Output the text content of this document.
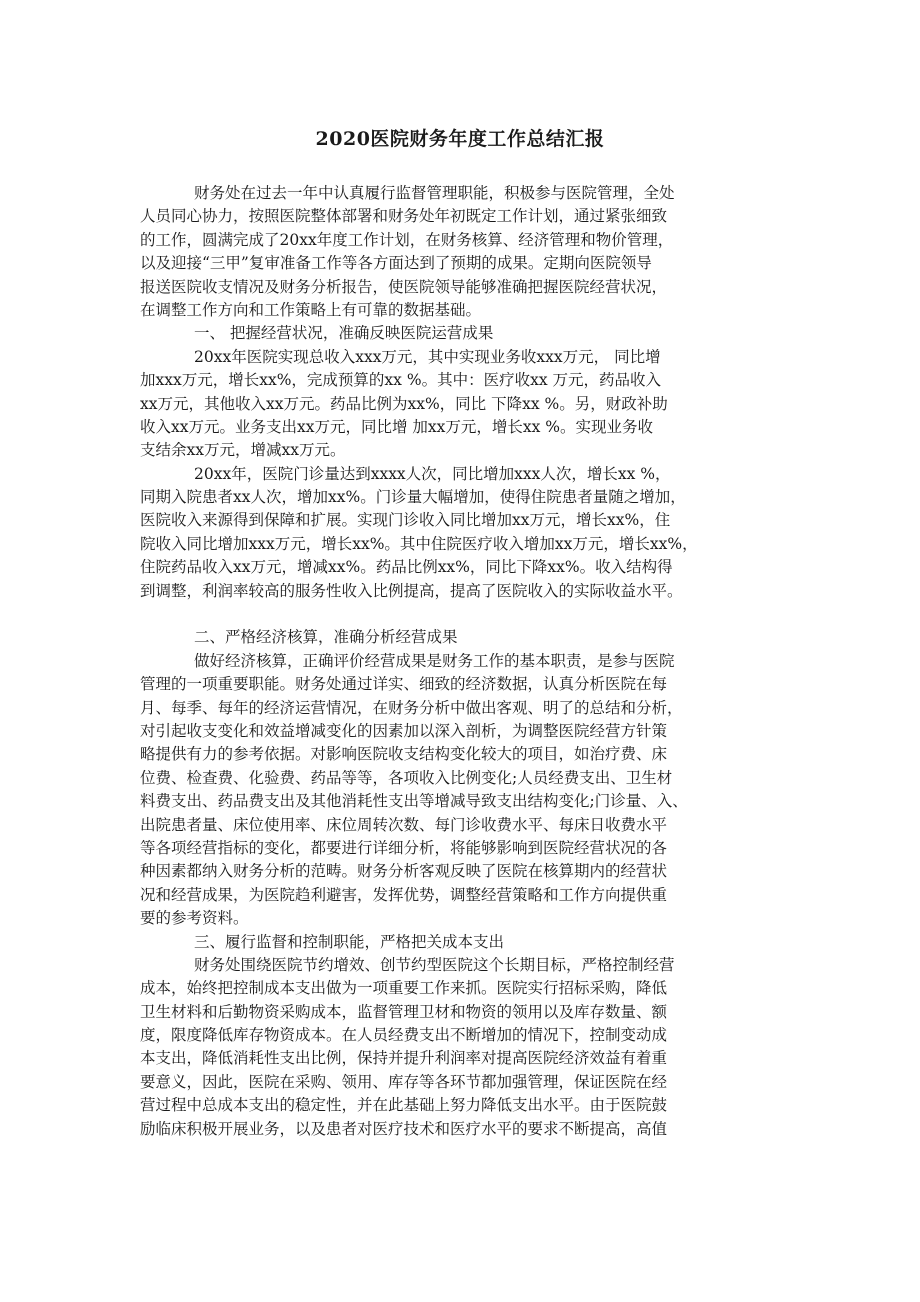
2020医院财务年度工作总结汇报
财务处在过去一年中认真履行监督管理职能，积极参与医院管理，全处
人员同心协力，按照医院整体部署和财务处年初既定工作计划，通过紧张细致
的工作，圆满完成了20xx年度工作计划，在财务核算、经济管理和物价管理，
以及迎接“三甲”复审准备工作等各方面达到了预期的成果。定期向医院领导
报送医院收支情况及财务分析报告，使医院领导能够准确把握医院经营状况，
在调整工作方向和工作策略上有可靠的数据基础。
一、 把握经营状况，准确反映医院运营成果
20xx年医院实现总收入xxx万元，其中实现业务收xxx万元， 同比增
加xxx万元，增长xx%，完成预算的xx %。其中：医疗收xx 万元，药品收入
xx万元，其他收入xx万元。药品比例为xx%，同比 下降xx %。另，财政补助
收入xx万元。业务支出xx万元，同比增 加xx万元，增长xx %。实现业务收
支结余xx万元，增减xx万元。
20xx年，医院门诊量达到xxxx人次，同比增加xxx人次，增长xx %，
同期入院患者xx人次，增加xx%。门诊量大幅增加，使得住院患者量随之增加，
医院收入来源得到保障和扩展。实现门诊收入同比增加xx万元，增长xx%，住
院收入同比增加xxx万元，增长xx%。其中住院医疗收入增加xx万元，增长xx%，
住院药品收入xx万元，增减xx%。药品比例xx%，同比下降xx%。收入结构得
到调整，利润率较高的服务性收入比例提高，提高了医院收入的实际收益水平。
二、严格经济核算，准确分析经营成果
做好经济核算，正确评价经营成果是财务工作的基本职责，是参与医院
管理的一项重要职能。财务处通过详实、细致的经济数据，认真分析医院在每
月、每季、每年的经济运营情况，在财务分析中做出客观、明了的总结和分析，
对引起收支变化和效益增减变化的因素加以深入剖析，为调整医院经营方针策
略提供有力的参考依据。对影响医院收支结构变化较大的项目，如治疗费、床
位费、检查费、化验费、药品等等，各项收入比例变化;人员经费支出、卫生材
料费支出、药品费支出及其他消耗性支出等增减导致支出结构变化;门诊量、入、
出院患者量、床位使用率、床位周转次数、每门诊收费水平、每床日收费水平
等各项经营指标的变化，都要进行详细分析，将能够影响到医院经营状况的各
种因素都纳入财务分析的范畴。财务分析客观反映了医院在核算期内的经营状
况和经营成果，为医院趋利避害，发挥优势，调整经营策略和工作方向提供重
要的参考资料。
三、履行监督和控制职能，严格把关成本支出
财务处围绕医院节约增效、创节约型医院这个长期目标，严格控制经营
成本，始终把控制成本支出做为一项重要工作来抓。医院实行招标采购，降低
卫生材料和后勤物资采购成本，监督管理卫材和物资的领用以及库存数量、额
度，限度降低库存物资成本。在人员经费支出不断增加的情况下，控制变动成
本支出，降低消耗性支出比例，保持并提升利润率对提高医院经济效益有着重
要意义，因此，医院在采购、领用、库存等各环节都加强管理，保证医院在经
营过程中总成本支出的稳定性，并在此基础上努力降低支出水平。由于医院鼓
励临床积极开展业务，以及患者对医疗技术和医疗水平的要求不断提高，高值
